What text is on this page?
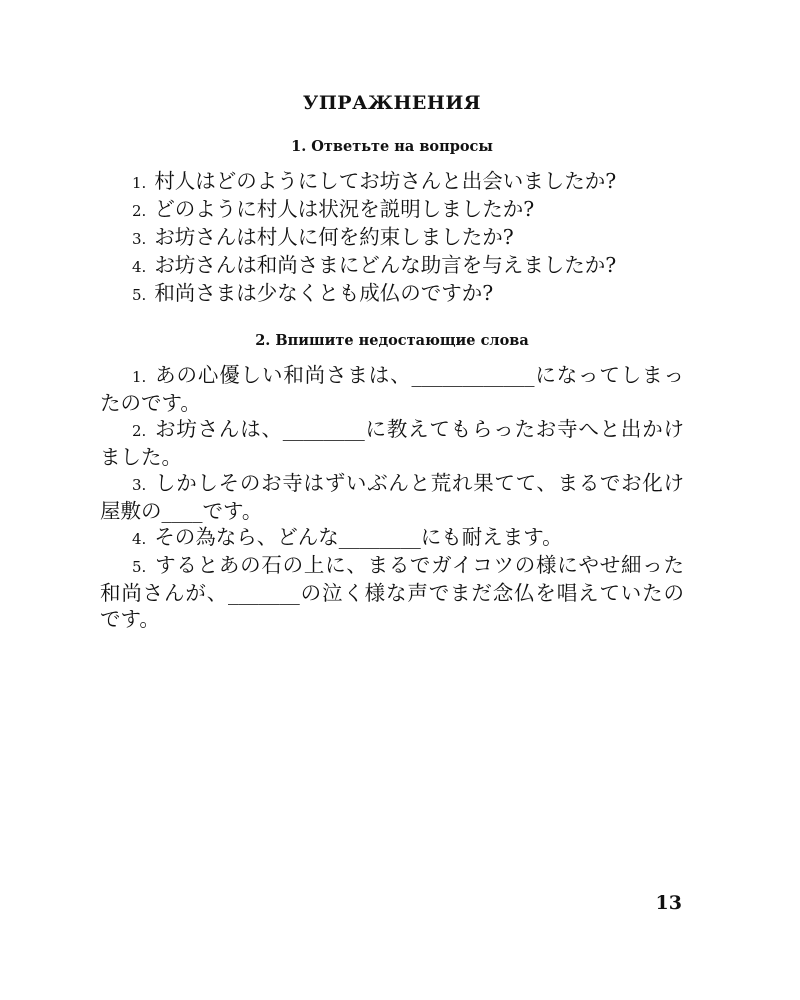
УПРАЖНЕНИЯ
1. Ответьте на вопросы
1. 村人はどのようにしてお坊さんと出会いましたか?
2. どのように村人は状況を説明しましたか?
3. お坊さんは村人に何を約束しましたか?
4. お坊さんは和尚さまにどんな助言を与えましたか?
5. 和尚さまは少なくとも成仏のですか?
2. Впишите недостающие слова
1. あの心優しい和尚さまは、____________になってしまったのです。
2. お坊さんは、________に教えてもらったお寺へと出かけました。
3. しかしそのお寺はずいぶんと荒れ果てて、まるでお化け屋敷の____です。
4. その為なら、どんな________にも耐えます。
5. するとあの石の上に、まるでガイコツの様にやせ細った和尚さんが、_______の泣く様な声でまだ念仏を唱えていたのです。
13
